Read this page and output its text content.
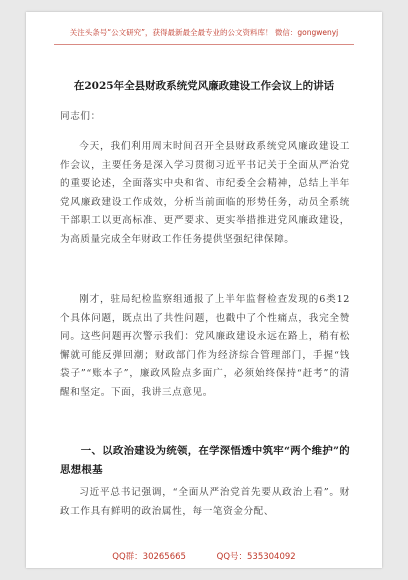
关注头条号“公文研究”，获得最新最全最专业的公文资料库！ 微信：gongwenyj
在2025年全县财政系统党风廉政建设工作会议上的讲话
同志们：
今天，我们利用周末时间召开全县财政系统党风廉政建设工作会议，主要任务是深入学习贯彻习近平书记关于全面从严治党的重要论述，全面落实中央和省、市纪委全会精神，总结上半年党风廉政建设工作成效，分析当前面临的形势任务，动员全系统干部职工以更高标准、更严要求、更实举措推进党风廉政建设，为高质量完成全年财政工作任务提供坚强纪律保障。
刚才，驻局纪检监察组通报了上半年监督检查发现的6类12个具体问题，既点出了共性问题，也戳中了个性痛点，我完全赞同。这些问题再次警示我们：党风廉政建设永远在路上，稍有松懈就可能反弹回潮；财政部门作为经济综合管理部门，手握“钱袋子”“账本子”，廉政风险点多面广，必须始终保持“赶考”的清醒和坚定。下面，我讲三点意见。
一、以政治建设为统领，在学深悟透中筑牢“两个维护”的思想根基
习近平总书记强调，“全面从严治党首先要从政治上看”。财政工作具有鲜明的政治属性，每一笔资金分配、
QQ群：30265665	QQ号：535304092
